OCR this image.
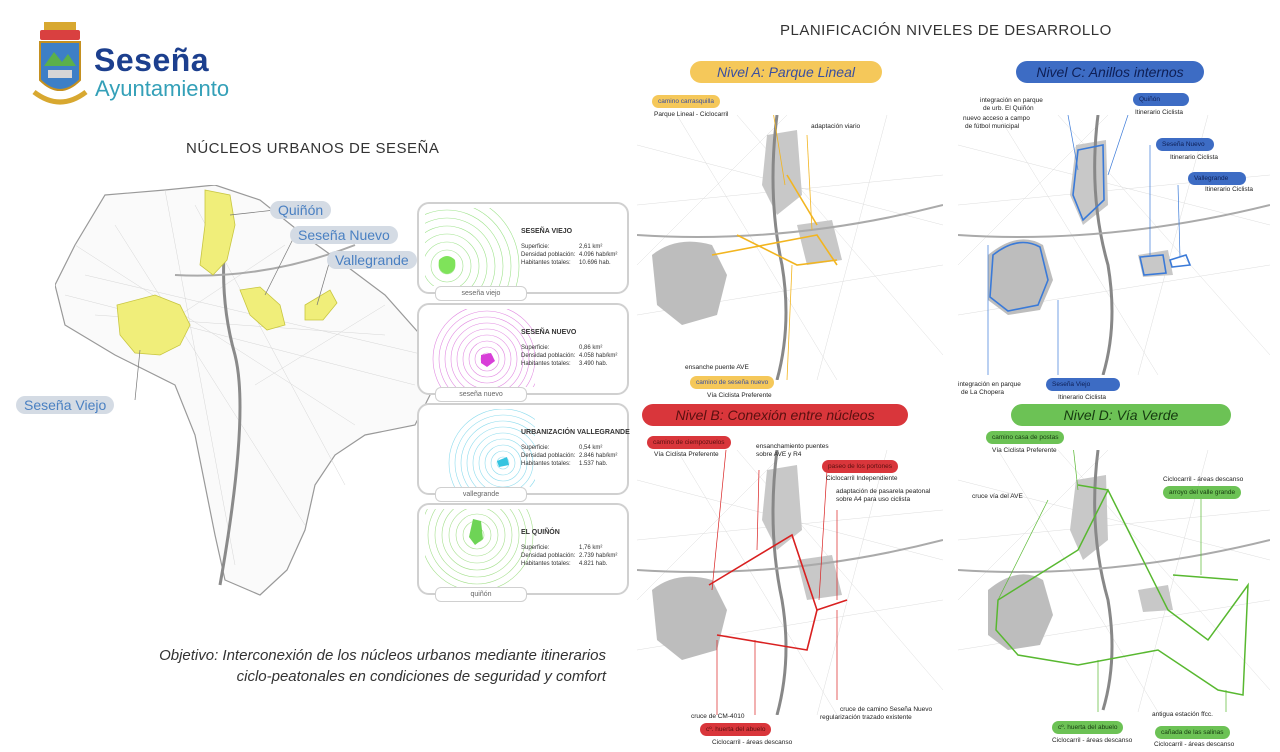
Seseña
Ayuntamiento
NÚCLEOS URBANOS DE SESEÑA
PLANIFICACIÓN NIVELES DE DESARROLLO
Quiñón
Seseña Nuevo
Vallegrande
Seseña Viejo
SESEÑA VIEJO
Superficie:	2,61 km²
Densidad población: 4.096 hab/km²
Habitantes totales: 10.696 hab.
seseña viejo
SESEÑA NUEVO
Superficie:	0,86 km²
Densidad población: 4.058 hab/km²
Habitantes totales: 3.490 hab.
seseña nuevo
URBANIZACIÓN VALLEGRANDE
Superficie:	0,54 km²
Densidad población: 2.846 hab/km²
Habitantes totales: 1.537 hab.
vallegrande
EL QUIÑÓN
Superficie:	1,76 km²
Densidad población: 2.739 hab/km²
Habitantes totales: 4.821 hab.
quiñón
Objetivo: Interconexión de los núcleos urbanos mediante itinerarios
ciclo-peatonales en condiciones de seguridad y comfort
Nivel A: Parque Lineal
camino carrasquilla
Parque Lineal - Ciclocarril
adaptación viario
ensanche puente AVE
camino de seseña nuevo
Vía Ciclista Preferente
Nivel C: Anillos internos
integración en parque
de urb. El Quiñón
nuevo acceso a campo
de fútbol municipal
Quiñón
Itinerario Ciclista
Seseña Nuevo
Itinerario Ciclista
Vallegrande
Itinerario Ciclista
integración en parque
de La Chopera
Seseña Viejo
Itinerario Ciclista
Nivel B: Conexión entre núcleos
camino de ciempozuelos
Vía Ciclista Preferente
ensanchamiento puentes
sobre AVE y R4
paseo de los portones
Ciclocarril Independiente
adaptación de pasarela peatonal
sobre A4 para uso ciclista
cruce de CM-4010
cº. huerta del abuelo
Ciclocarril - áreas descanso
cruce de camino Seseña Nuevo
regularización trazado existente
Nivel D: Vía Verde
camino casa de postas
Vía Ciclista Preferente
cruce vía del AVE
Ciclocarril - áreas descanso
arroyo del valle grande
cº. huerta del abuelo
Ciclocarril - áreas descanso
antigua estación ffcc.
cañada de las salinas
Ciclocarril - áreas descanso
